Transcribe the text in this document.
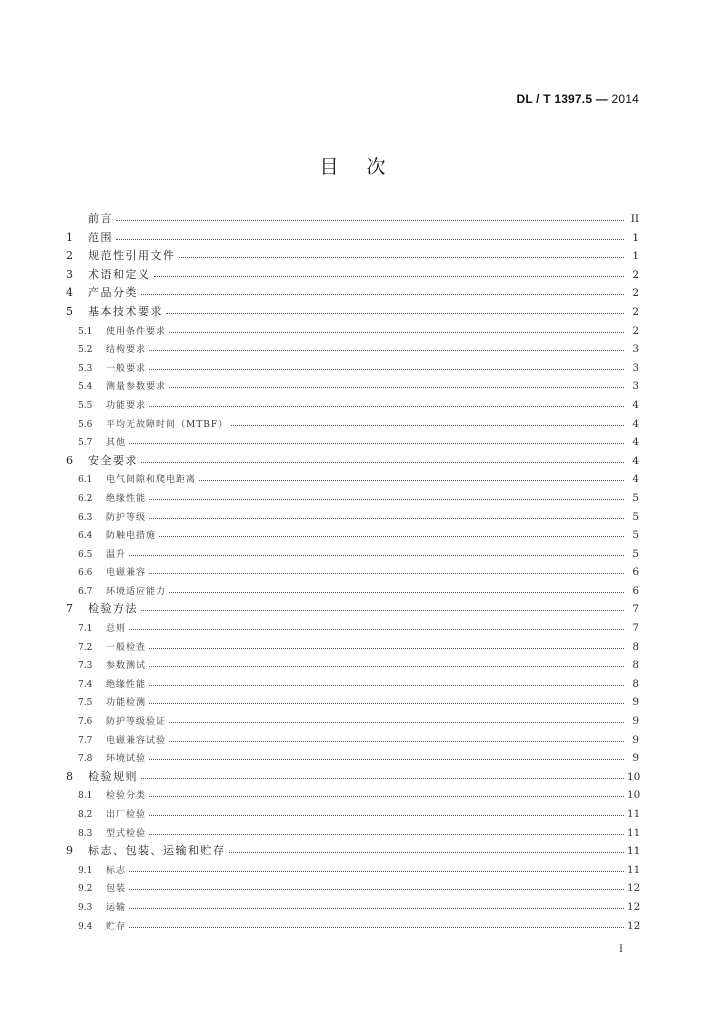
DL / T 1397.5 — 2014
目次
前言	II
1	范围	1
2	规范性引用文件	1
3	术语和定义	2
4	产品分类	2
5	基本技术要求	2
5.1	使用条件要求	2
5.2	结构要求	3
5.3	一般要求	3
5.4	测量参数要求	3
5.5	功能要求	4
5.6	平均无故障时间（MTBF）	4
5.7	其他	4
6	安全要求	4
6.1	电气间隙和爬电距离	4
6.2	绝缘性能	5
6.3	防护等级	5
6.4	防触电措施	5
6.5	温升	5
6.6	电磁兼容	6
6.7	环境适应能力	6
7	检验方法	7
7.1	总则	7
7.2	一般检查	8
7.3	参数测试	8
7.4	绝缘性能	8
7.5	功能检测	9
7.6	防护等级验证	9
7.7	电磁兼容试验	9
7.8	环境试验	9
8	检验规则	10
8.1	检验分类	10
8.2	出厂检验	11
8.3	型式检验	11
9	标志、包装、运输和贮存	11
9.1	标志	11
9.2	包装	12
9.3	运输	12
9.4	贮存	12
I
